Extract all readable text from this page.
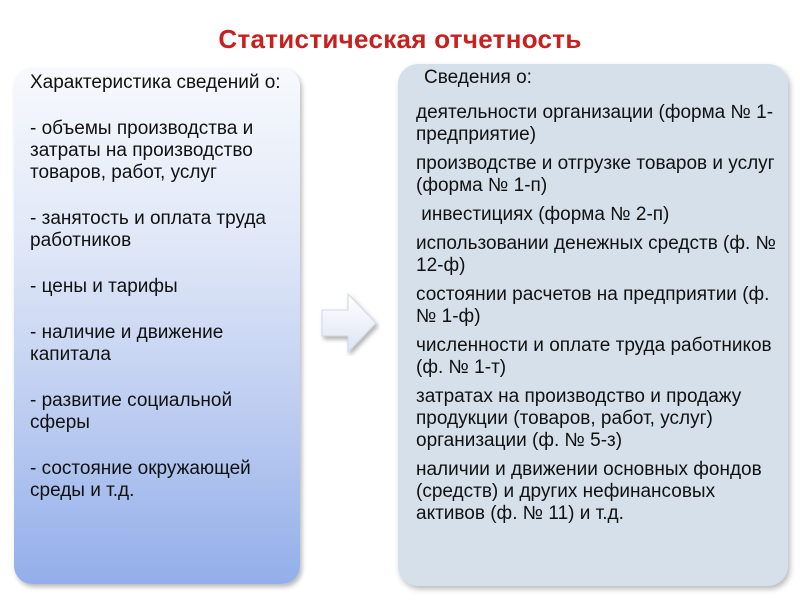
Статистическая отчетность
Характеристика сведений о:
- объемы производства и затраты на производство товаров, работ, услуг
- занятость и оплата труда работников
- цены и тарифы
- наличие и движение капитала
- развитие социальной сферы
- состояние окружающей среды и т.д.
Сведения о:
деятельности организации (форма № 1-предприятие)
производстве и отгрузке товаров и услуг (форма № 1-п)
инвестициях (форма № 2-п)
использовании денежных средств (ф. № 12-ф)
состоянии расчетов на предприятии (ф. № 1-ф)
численности и оплате труда работников (ф. № 1-т)
затратах на производство и продажу продукции (товаров, работ, услуг) организации (ф. № 5-з)
наличии и движении основных фондов (средств) и других нефинансовых активов (ф. № 11) и т.д.
